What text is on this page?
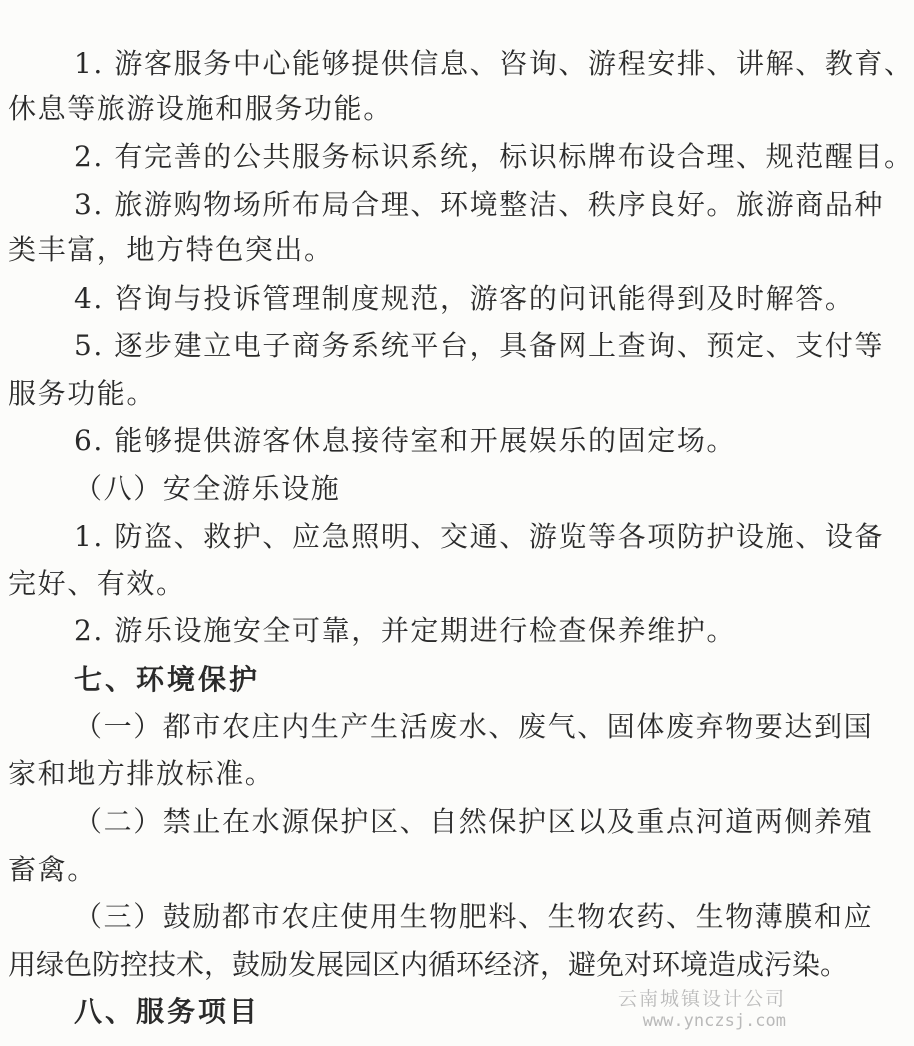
1. 游客服务中心能够提供信息、咨询、游程安排、讲解、教育、
休息等旅游设施和服务功能。
2. 有完善的公共服务标识系统，标识标牌布设合理、规范醒目。
3. 旅游购物场所布局合理、环境整洁、秩序良好。旅游商品种
类丰富，地方特色突出。
4. 咨询与投诉管理制度规范，游客的问讯能得到及时解答。
5. 逐步建立电子商务系统平台，具备网上查询、预定、支付等
服务功能。
6. 能够提供游客休息接待室和开展娱乐的固定场。
（八）安全游乐设施
1. 防盗、救护、应急照明、交通、游览等各项防护设施、设备
完好、有效。
2. 游乐设施安全可靠，并定期进行检查保养维护。
七、环境保护
（一）都市农庄内生产生活废水、废气、固体废弃物要达到国
家和地方排放标准。
（二）禁止在水源保护区、自然保护区以及重点河道两侧养殖
畜禽。
（三）鼓励都市农庄使用生物肥料、生物农药、生物薄膜和应
用绿色防控技术，鼓励发展园区内循环经济，避免对环境造成污染。
八、服务项目	云南城镇设计公司
www.ynczsj.com
